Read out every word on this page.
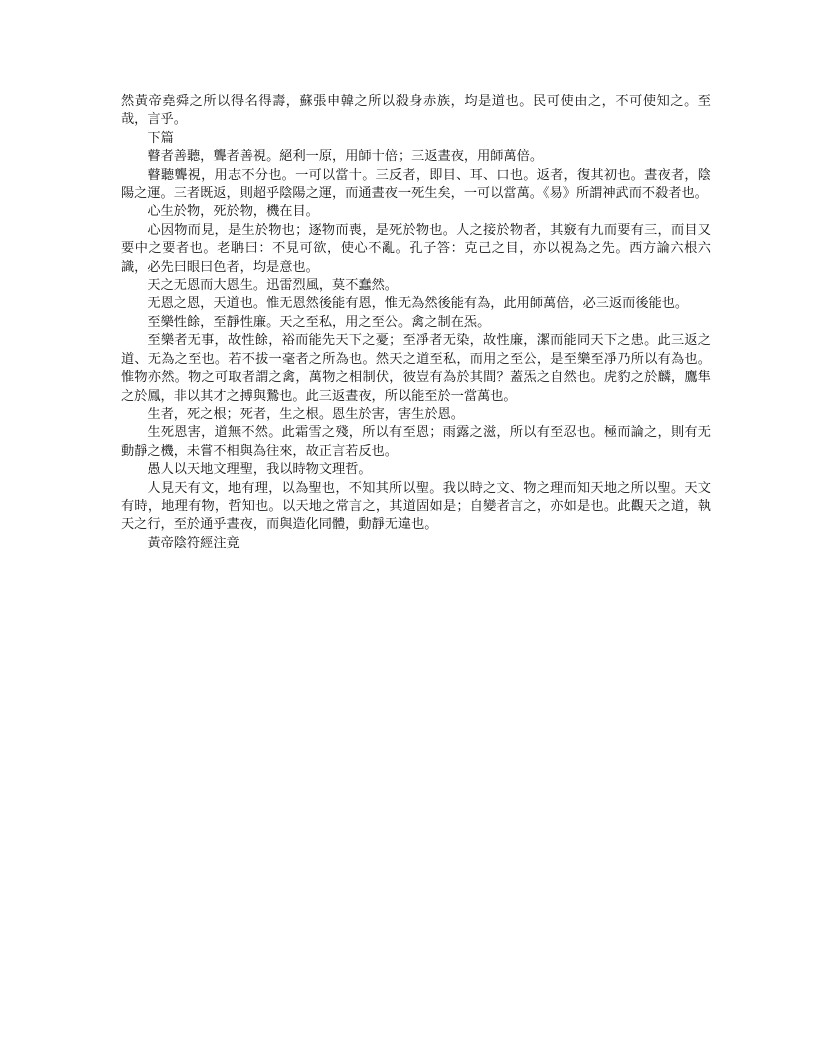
然黃帝堯舜之所以得名得壽，蘇張申韓之所以殺身赤族，均是道也。民可使由之，不可使知之。至哉，言乎。

下篇

瞽者善聽，聾者善視。絕利一原，用師十倍；三返晝夜，用師萬倍。

瞽聽聾視，用志不分也。一可以當十。三反者，即目、耳、口也。返者，復其初也。晝夜者，陰陽之運。三者既返，則超乎陰陽之運，而通晝夜一死生矣，一可以當萬。《易》所謂神武而不殺者也。

心生於物，死於物，機在目。

心因物而見，是生於物也；逐物而喪，是死於物也。人之接於物者，其竅有九而要有三，而目又要中之要者也。老聃曰：不見可欲，使心不亂。孔子答：克己之目，亦以視為之先。西方論六根六識，必先曰眼曰色者，均是意也。

天之无恩而大恩生。迅雷烈風，莫不蠢然。

无恩之恩，天道也。惟无恩然後能有恩，惟无為然後能有為，此用師萬倍，必三返而後能也。

至樂性餘，至靜性廉。天之至私，用之至公。禽之制在炁。

至樂者无事，故性餘，裕而能先天下之憂；至凈者无染，故性廉，潔而能同天下之患。此三返之道、无為之至也。若不拔一毫者之所為也。然天之道至私，而用之至公，是至樂至凈乃所以有為也。惟物亦然。物之可取者謂之禽，萬物之相制伏，彼豈有為於其間？蓋炁之自然也。虎豹之於麟，鷹隼之於鳳，非以其才之搏與鷙也。此三返晝夜，所以能至於一當萬也。

生者，死之根；死者，生之根。恩生於害，害生於恩。

生死恩害，道無不然。此霜雪之殘，所以有至恩；雨露之滋，所以有至忍也。極而論之，則有无動靜之機，未嘗不相與為往來，故正言若反也。

愚人以天地文理聖，我以時物文理哲。

人見天有文，地有理，以為聖也，不知其所以聖。我以時之文、物之理而知天地之所以聖。天文有時，地理有物，哲知也。以天地之常言之，其道固如是；自變者言之，亦如是也。此觀天之道，執天之行，至於通乎晝夜，而與造化同體，動靜无違也。

黃帝陰符經注竟
